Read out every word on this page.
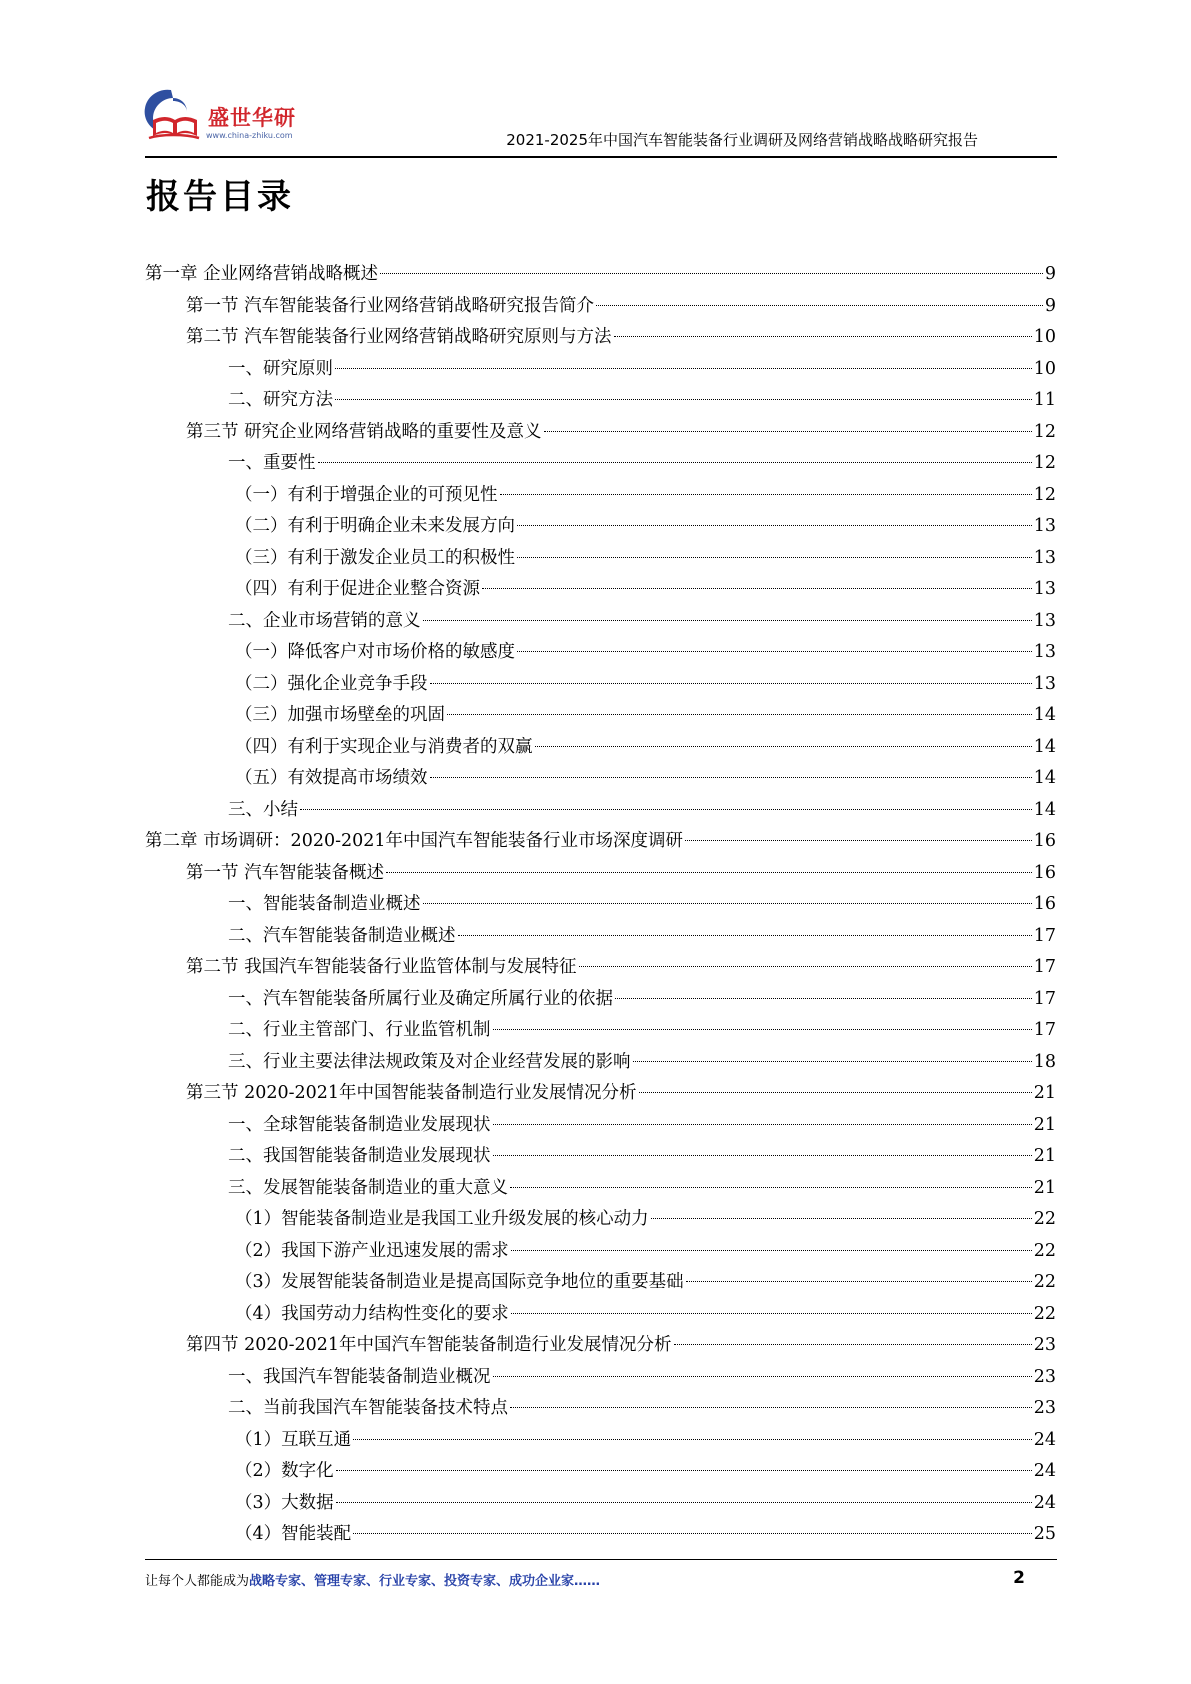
盛世华研
www.china-zhiku.com	2021-2025年中国汽车智能装备行业调研及网络营销战略战略研究报告
报告目录
第一章 企业网络营销战略概述	9
第一节 汽车智能装备行业网络营销战略研究报告简介	9
第二节 汽车智能装备行业网络营销战略研究原则与方法	10
一、研究原则	10
二、研究方法	11
第三节 研究企业网络营销战略的重要性及意义	12
一、重要性	12
（一）有利于增强企业的可预见性	12
（二）有利于明确企业未来发展方向	13
（三）有利于激发企业员工的积极性	13
（四）有利于促进企业整合资源	13
二、企业市场营销的意义	13
（一）降低客户对市场价格的敏感度	13
（二）强化企业竞争手段	13
（三）加强市场壁垒的巩固	14
（四）有利于实现企业与消费者的双赢	14
（五）有效提高市场绩效	14
三、小结	14
第二章 市场调研：2020-2021年中国汽车智能装备行业市场深度调研	16
第一节 汽车智能装备概述	16
一、智能装备制造业概述	16
二、汽车智能装备制造业概述	17
第二节 我国汽车智能装备行业监管体制与发展特征	17
一、汽车智能装备所属行业及确定所属行业的依据	17
二、行业主管部门、行业监管机制	17
三、行业主要法律法规政策及对企业经营发展的影响	18
第三节 2020-2021年中国智能装备制造行业发展情况分析	21
一、全球智能装备制造业发展现状	21
二、我国智能装备制造业发展现状	21
三、发展智能装备制造业的重大意义	21
（1）智能装备制造业是我国工业升级发展的核心动力	22
（2）我国下游产业迅速发展的需求	22
（3）发展智能装备制造业是提高国际竞争地位的重要基础	22
（4）我国劳动力结构性变化的要求	22
第四节 2020-2021年中国汽车智能装备制造行业发展情况分析	23
一、我国汽车智能装备制造业概况	23
二、当前我国汽车智能装备技术特点	23
（1）互联互通	24
（2）数字化	24
（3）大数据	24
（4）智能装配	25
让每个人都能成为战略专家、管理专家、行业专家、投资专家、成功企业家……	2
